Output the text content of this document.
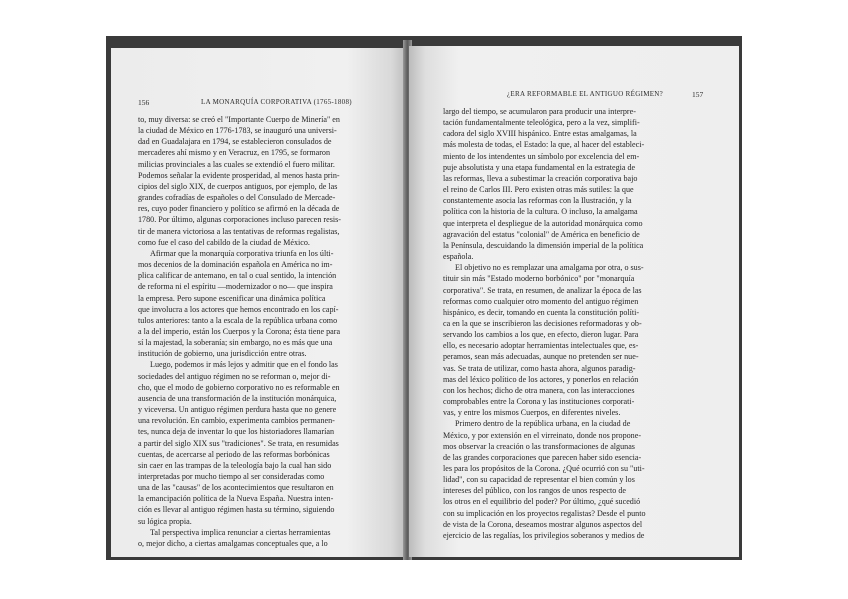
156	LA MONARQUÍA CORPORATIVA (1765-1808)
to, muy diversa: se creó el "Importante Cuerpo de Minería" en
la ciudad de México en 1776-1783, se inauguró una universi-
dad en Guadalajara en 1794, se establecieron consulados de
mercaderes ahí mismo y en Veracruz, en 1795, se formaron
milicias provinciales a las cuales se extendió el fuero militar.
Podemos señalar la evidente prosperidad, al menos hasta prin-
cipios del siglo XIX, de cuerpos antiguos, por ejemplo, de las
grandes cofradías de españoles o del Consulado de Mercade-
res, cuyo poder financiero y político se afirmó en la década de
1780. Por último, algunas corporaciones incluso parecen resis-
tir de manera victoriosa a las tentativas de reformas regalistas,
como fue el caso del cabildo de la ciudad de México.
Afirmar que la monarquía corporativa triunfa en los últi-
mos decenios de la dominación española en América no im-
plica calificar de antemano, en tal o cual sentido, la intención
de reforma ni el espíritu —modernizador o no— que inspira
la empresa. Pero supone escenificar una dinámica política
que involucra a los actores que hemos encontrado en los capí-
tulos anteriores: tanto a la escala de la república urbana como
a la del imperio, están los Cuerpos y la Corona; ésta tiene para
sí la majestad, la soberanía; sin embargo, no es más que una
institución de gobierno, una jurisdicción entre otras.
Luego, podemos ir más lejos y admitir que en el fondo las
sociedades del antiguo régimen no se reforman o, mejor di-
cho, que el modo de gobierno corporativo no es reformable en
ausencia de una transformación de la institución monárquica,
y viceversa. Un antiguo régimen perdura hasta que no genere
una revolución. En cambio, experimenta cambios permanen-
tes, nunca deja de inventar lo que los historiadores llamarían
a partir del siglo XIX sus "tradiciones". Se trata, en resumidas
cuentas, de acercarse al periodo de las reformas borbónicas
sin caer en las trampas de la teleología bajo la cual han sido
interpretadas por mucho tiempo al ser consideradas como
una de las "causas" de los acontecimientos que resultaron en
la emancipación política de la Nueva España. Nuestra inten-
ción es llevar al antiguo régimen hasta su término, siguiendo
su lógica propia.
Tal perspectiva implica renunciar a ciertas herramientas
o, mejor dicho, a ciertas amalgamas conceptuales que, a lo
¿ERA REFORMABLE EL ANTIGUO RÉGIMEN?	157
largo del tiempo, se acumularon para producir una interpre-
tación fundamentalmente teleológica, pero a la vez, simplifi-
cadora del siglo XVIII hispánico. Entre estas amalgamas, la
más molesta de todas, el Estado: la que, al hacer del estableci-
miento de los intendentes un símbolo por excelencia del em-
puje absolutista y una etapa fundamental en la estrategia de
las reformas, lleva a subestimar la creación corporativa bajo
el reino de Carlos III. Pero existen otras más sutiles: la que
constantemente asocia las reformas con la Ilustración, y la
política con la historia de la cultura. O incluso, la amalgama
que interpreta el despliegue de la autoridad monárquica como
agravación del estatus "colonial" de América en beneficio de
la Península, descuidando la dimensión imperial de la política
española.
El objetivo no es remplazar una amalgama por otra, o sus-
tituir sin más "Estado moderno borbónico" por "monarquía
corporativa". Se trata, en resumen, de analizar la época de las
reformas como cualquier otro momento del antiguo régimen
hispánico, es decir, tomando en cuenta la constitución políti-
ca en la que se inscribieron las decisiones reformadoras y ob-
servando los cambios a los que, en efecto, dieron lugar. Para
ello, es necesario adoptar herramientas intelectuales que, es-
peramos, sean más adecuadas, aunque no pretenden ser nue-
vas. Se trata de utilizar, como hasta ahora, algunos paradig-
mas del léxico político de los actores, y ponerlos en relación
con los hechos; dicho de otra manera, con las interacciones
comprobables entre la Corona y las instituciones corporati-
vas, y entre los mismos Cuerpos, en diferentes niveles.
Primero dentro de la república urbana, en la ciudad de
México, y por extensión en el virreinato, donde nos propone-
mos observar la creación o las transformaciones de algunas
de las grandes corporaciones que parecen haber sido esencia-
les para los propósitos de la Corona. ¿Qué ocurrió con su "uti-
lidad", con su capacidad de representar el bien común y los
intereses del público, con los rangos de unos respecto de
los otros en el equilibrio del poder? Por último, ¿qué sucedió
con su implicación en los proyectos regalistas? Desde el punto
de vista de la Corona, deseamos mostrar algunos aspectos del
ejercicio de las regalías, los privilegios soberanos y medios de
